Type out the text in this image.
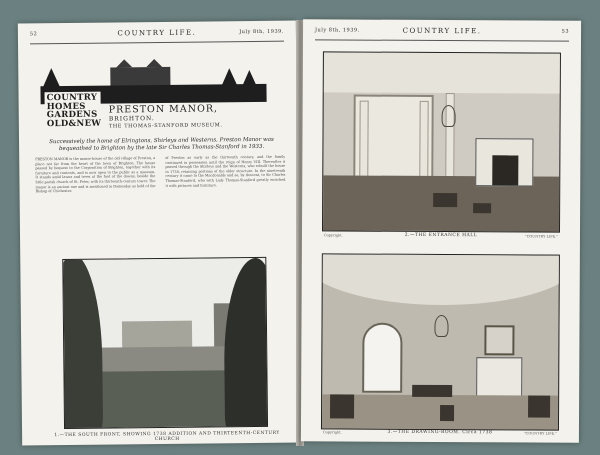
52	COUNTRY LIFE.	July 8th, 1939.
COUNTRY
HOMES
GARDENS
OLD&NEW
PRESTON MANOR,
BRIGHTON.
THE THOMAS-STANFORD MUSEUM.
Successively the home of Elringtons, Shirleys and Westerns, Preston Manor was bequeathed to Brighton by the late Sir Charles Thomas-Stanford in 1933.
PRESTON MANOR is the manor-house of the old village of Preston, a place not far from the heart of the town of Brighton. The house passed by bequest to the Corporation of Brighton, together with its furniture and contents, and is now open to the public as a museum. It stands amid lawns and trees at the foot of the downs, beside the little parish church of St. Peter, with its thirteenth-century tower. The manor is an ancient one and is mentioned in Domesday as held of the Bishop of Chichester.
of Preston as early as the thirteenth century, and the family continued in possession until the reign of Henry VIII. Thereafter it passed through the Shirleys and the Westerns, who rebuilt the house in 1738, retaining portions of the older structure. In the nineteenth century it came to the Macdonalds and so, by descent, to Sir Charles Thomas-Stanford, who with Lady Thomas-Stanford greatly enriched it with pictures and furniture.
1.—THE SOUTH FRONT, SHOWING 1738 ADDITION AND THIRTEENTH-CENTURY CHURCH
July 8th, 1939.	COUNTRY LIFE.	53
Copyright.	2.—THE ENTRANCE HALL	"COUNTRY LIFE."
Copyright.	3.—THE DRAWING-ROOM. Circa 1738	"COUNTRY LIFE."
